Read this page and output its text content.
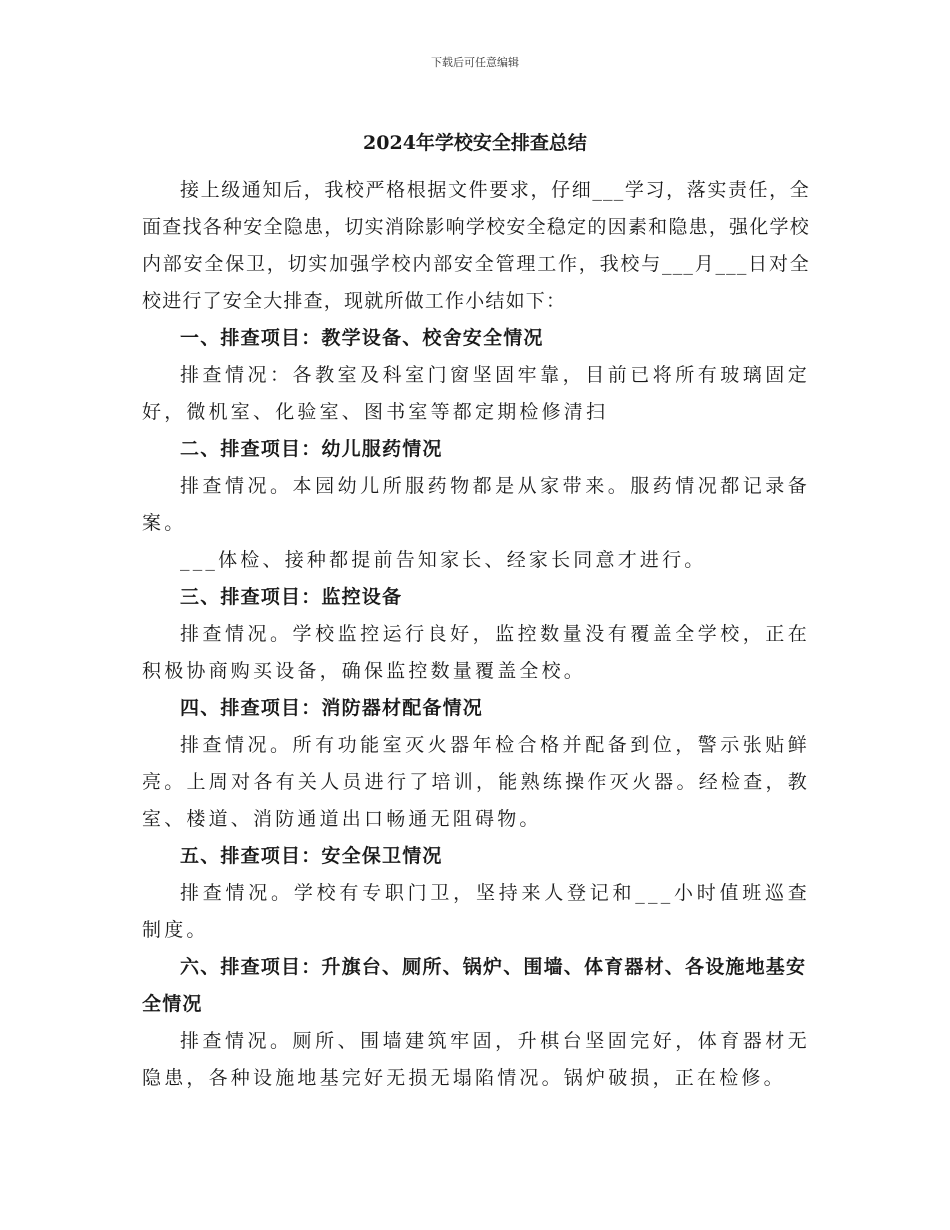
下载后可任意编辑
2024年学校安全排查总结

接上级通知后，我校严格根据文件要求，仔细___学习，落实责任，全面查找各种安全隐患，切实消除影响学校安全稳定的因素和隐患，强化学校内部安全保卫，切实加强学校内部安全管理工作，我校与___月___日对全校进行了安全大排查，现就所做工作小结如下：

一、排查项目：教学设备、校舍安全情况

排查情况：各教室及科室门窗坚固牢靠，目前已将所有玻璃固定好，微机室、化验室、图书室等都定期检修清扫

二、排查项目：幼儿服药情况

排查情况。本园幼儿所服药物都是从家带来。服药情况都记录备案。

___体检、接种都提前告知家长、经家长同意才进行。

三、排查项目：监控设备

排查情况。学校监控运行良好，监控数量没有覆盖全学校，正在积极协商购买设备，确保监控数量覆盖全校。

四、排查项目：消防器材配备情况

排查情况。所有功能室灭火器年检合格并配备到位，警示张贴鲜亮。上周对各有关人员进行了培训，能熟练操作灭火器。经检查，教室、楼道、消防通道出口畅通无阻碍物。

五、排查项目：安全保卫情况

排查情况。学校有专职门卫，坚持来人登记和___小时值班巡查制度。

六、排查项目：升旗台、厕所、锅炉、围墙、体育器材、各设施地基安全情况

排查情况。厕所、围墙建筑牢固，升棋台坚固完好，体育器材无隐患，各种设施地基完好无损无塌陷情况。锅炉破损，正在检修。
